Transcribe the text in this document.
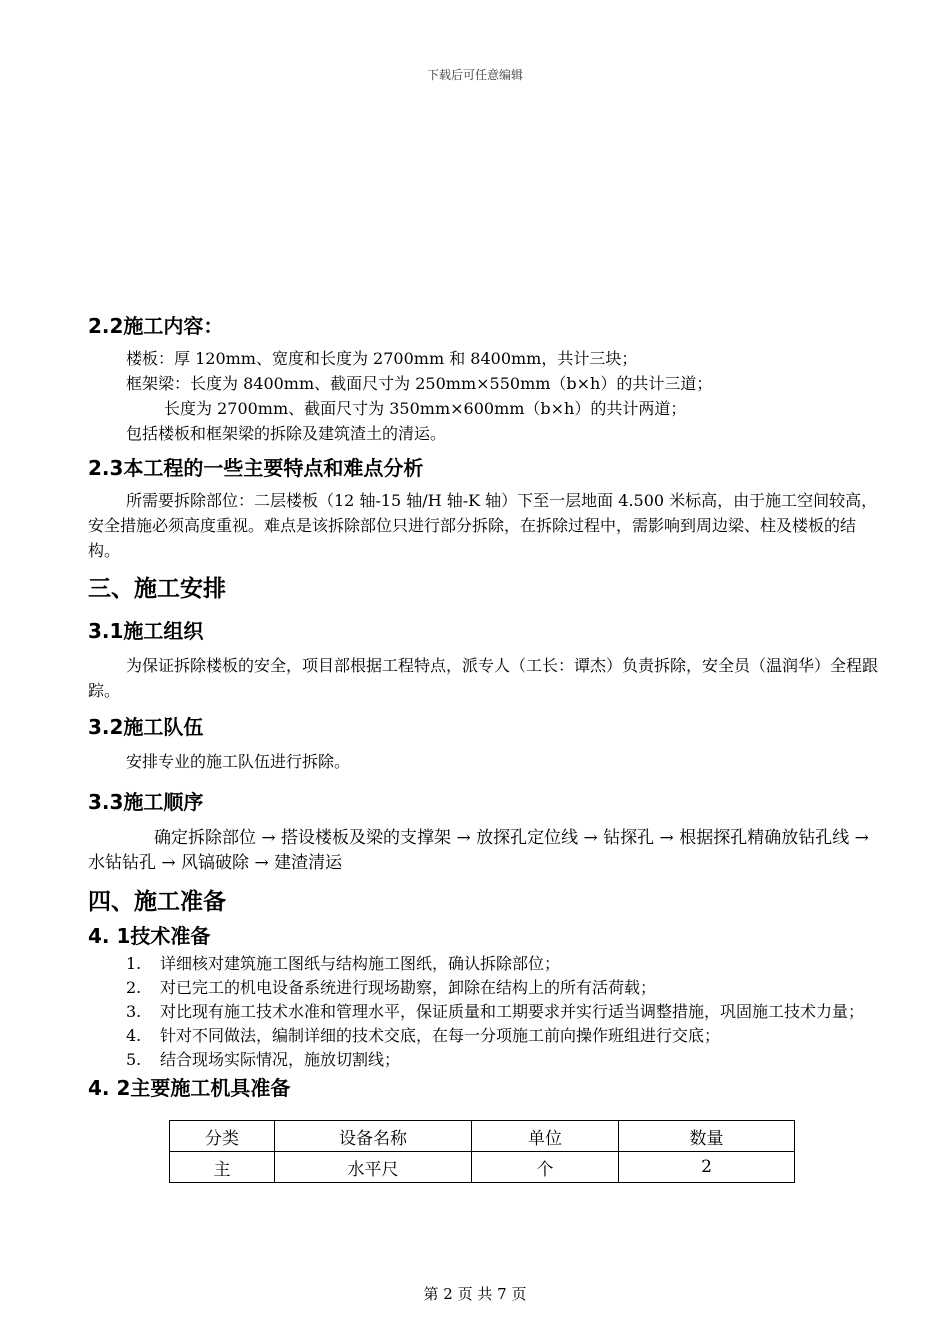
下载后可任意编辑
2.2施工内容：

楼板：厚 120mm、宽度和长度为 2700mm 和 8400mm，共计三块；

框架梁：长度为 8400mm、截面尺寸为 250mm×550mm（b×h）的共计三道；

长度为 2700mm、截面尺寸为 350mm×600mm（b×h）的共计两道；

包括楼板和框架梁的拆除及建筑渣土的清运。

2.3本工程的一些主要特点和难点分析

所需要拆除部位：二层楼板（12 轴-15 轴/H 轴-K 轴）下至一层地面 4.500 米标高，由于施工空间较高，安全措施必须高度重视。难点是该拆除部位只进行部分拆除，在拆除过程中，需影响到周边梁、柱及楼板的结构。

三、施工安排
3.1施工组织

为保证拆除楼板的安全，项目部根据工程特点，派专人（工长：谭杰）负责拆除，安全员（温润华）全程跟踪。

3.2施工队伍

安排专业的施工队伍进行拆除。

3.3施工顺序

确定拆除部位 → 搭设楼板及梁的支撑架 → 放探孔定位线 → 钻探孔 → 根据探孔精确放钻孔线 → 水钻钻孔 → 风镐破除 → 建渣清运

四、施工准备
4. 1技术准备
1. 详细核对建筑施工图纸与结构施工图纸，确认拆除部位；
2. 对已完工的机电设备系统进行现场勘察，卸除在结构上的所有活荷载；
3. 对比现有施工技术水准和管理水平，保证质量和工期要求并实行适当调整措施，巩固施工技术力量；
4. 针对不同做法，编制详细的技术交底，在每一分项施工前向操作班组进行交底；
5. 结合现场实际情况，施放切割线；
4. 2主要施工机具准备
分类	设备名称	单位	数量
主	水平尺	个	2
第 2 页 共 7 页
